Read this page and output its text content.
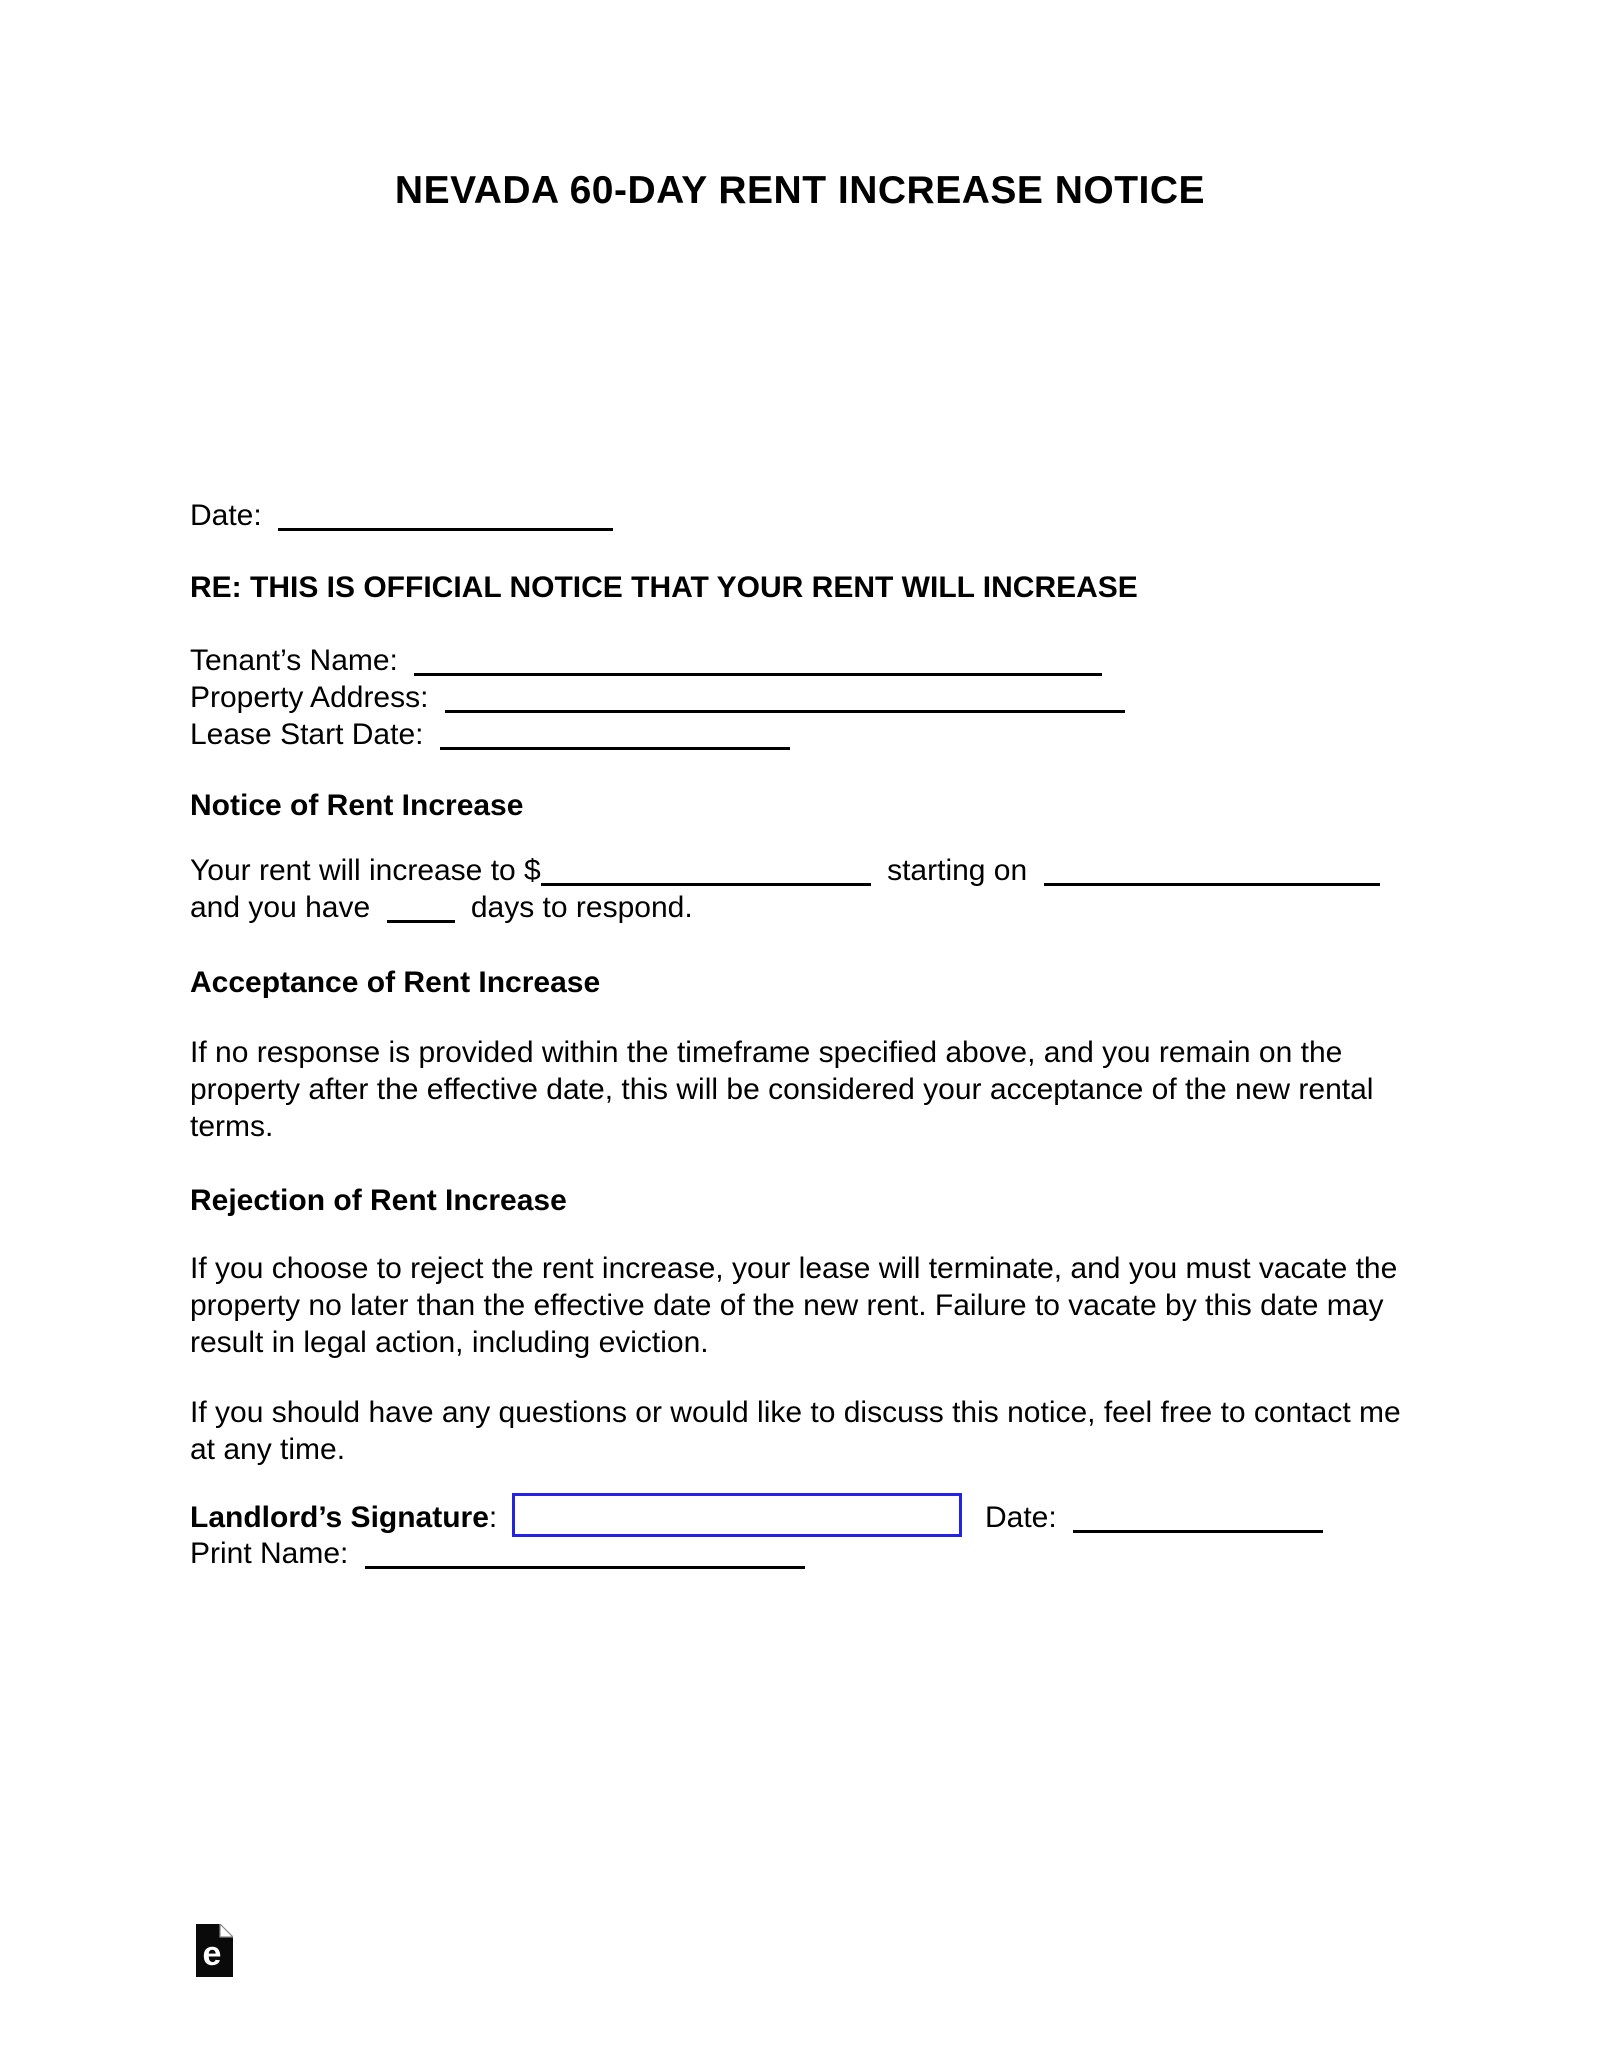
NEVADA 60-DAY RENT INCREASE NOTICE
Date:
RE: THIS IS OFFICIAL NOTICE THAT YOUR RENT WILL INCREASE
Tenant’s Name:
Property Address:
Lease Start Date:
Notice of Rent Increase
Your rent will increase to $	starting on
and you have	days to respond.
Acceptance of Rent Increase
If no response is provided within the timeframe specified above, and you remain on the property after the effective date, this will be considered your acceptance of the new rental terms.
Rejection of Rent Increase
If you choose to reject the rent increase, your lease will terminate, and you must vacate the property no later than the effective date of the new rent. Failure to vacate by this date may result in legal action, including eviction.
If you should have any questions or would like to discuss this notice, feel free to contact me at any time.
Landlord’s Signature:	Date:
Print Name:
e
